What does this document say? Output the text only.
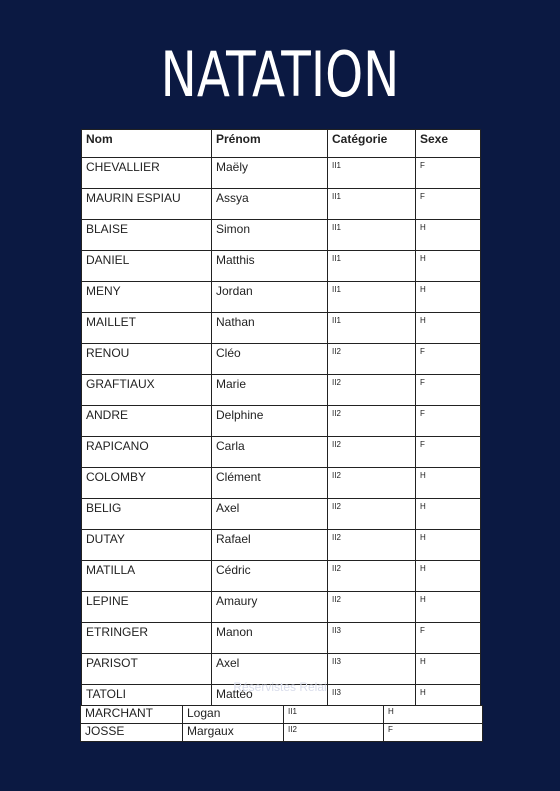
NATATION
Nom	Prénom	Catégorie	Sexe
CHEVALLIER	Maëly	II1	F
MAURIN ESPIAU	Assya	II1	F
BLAISE	Simon	II1	H
DANIEL	Matthis	II1	H
MENY	Jordan	II1	H
MAILLET	Nathan	II1	H
RENOU	Cléo	II2	F
GRAFTIAUX	Marie	II2	F
ANDRE	Delphine	II2	F
RAPICANO	Carla	II2	F
COLOMBY	Clément	II2	H
BELIG	Axel	II2	H
DUTAY	Rafael	II2	H
MATILLA	Cédric	II2	H
LEPINE	Amaury	II2	H
ETRINGER	Manon	II3	F
PARISOT	Axel	II3	H
TATOLI	Mattéo	II3	H
Réservistes Relai
MARCHANT	Logan	II1	H
JOSSE	Margaux	II2	F
